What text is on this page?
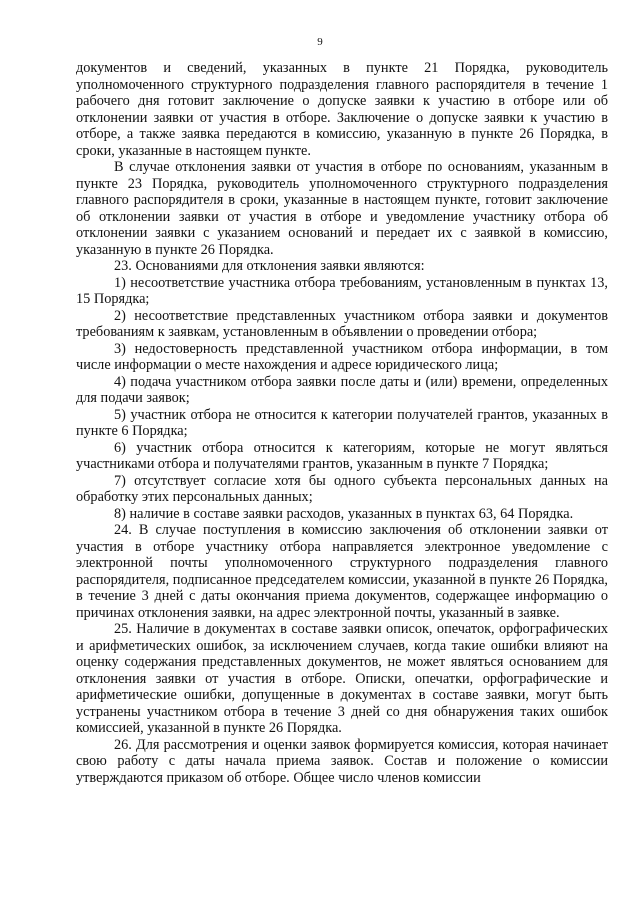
9

документов и сведений, указанных в пункте 21 Порядка, руководитель уполномоченного структурного подразделения главного распорядителя в течение 1 рабочего дня готовит заключение о допуске заявки к участию в отборе или об отклонении заявки от участия в отборе. Заключение о допуске заявки к участию в отборе, а также заявка передаются в комиссию, указанную в пункте 26 Порядка, в сроки, указанные в настоящем пункте.

В случае отклонения заявки от участия в отборе по основаниям, указанным в пункте 23 Порядка, руководитель уполномоченного структурного подразделения главного распорядителя в сроки, указанные в настоящем пункте, готовит заключение об отклонении заявки от участия в отборе и уведомление участнику отбора об отклонении заявки с указанием оснований и передает их с заявкой в комиссию, указанную в пункте 26 Порядка.

23. Основаниями для отклонения заявки являются:

1) несоответствие участника отбора требованиям, установленным в пунктах 13, 15 Порядка;

2) несоответствие представленных участником отбора заявки и документов требованиям к заявкам, установленным в объявлении о проведении отбора;

3) недостоверность представленной участником отбора информации, в том числе информации о месте нахождения и адресе юридического лица;

4) подача участником отбора заявки после даты и (или) времени, определенных для подачи заявок;

5) участник отбора не относится к категории получателей грантов, указанных в пункте 6 Порядка;

6) участник отбора относится к категориям, которые не могут являться участниками отбора и получателями грантов, указанным в пункте 7 Порядка;

7) отсутствует согласие хотя бы одного субъекта персональных данных на обработку этих персональных данных;

8) наличие в составе заявки расходов, указанных в пунктах 63, 64 Порядка.

24. В случае поступления в комиссию заключения об отклонении заявки от участия в отборе участнику отбора направляется электронное уведомление с электронной почты уполномоченного структурного подразделения главного распорядителя, подписанное председателем комиссии, указанной в пункте 26 Порядка, в течение 3 дней с даты окончания приема документов, содержащее информацию о причинах отклонения заявки, на адрес электронной почты, указанный в заявке.

25. Наличие в документах в составе заявки описок, опечаток, орфографических и арифметических ошибок, за исключением случаев, когда такие ошибки влияют на оценку содержания представленных документов, не может являться основанием для отклонения заявки от участия в отборе. Описки, опечатки, орфографические и арифметические ошибки, допущенные в документах в составе заявки, могут быть устранены участником отбора в течение 3 дней со дня обнаружения таких ошибок комиссией, указанной в пункте 26 Порядка.

26. Для рассмотрения и оценки заявок формируется комиссия, которая начинает свою работу с даты начала приема заявок. Состав и положение о комиссии утверждаются приказом об отборе. Общее число членов комиссии
